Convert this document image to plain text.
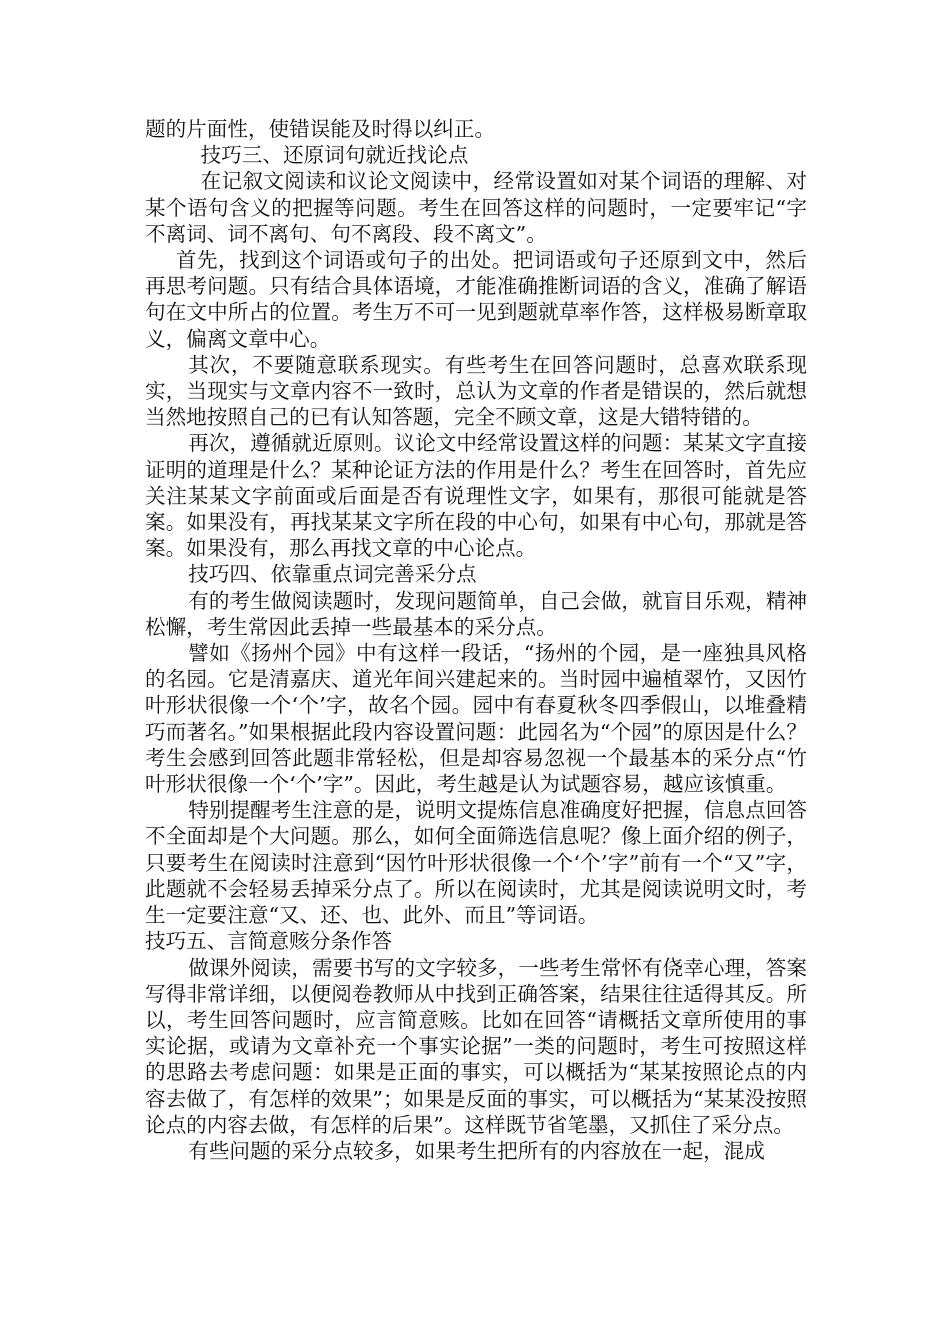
题的片面性，使错误能及时得以纠正。

技巧三、还原词句就近找论点

在记叙文阅读和议论文阅读中，经常设置如对某个词语的理解、对某个语句含义的把握等问题。考生在回答这样的问题时，一定要牢记“字不离词、词不离句、句不离段、段不离文”。

首先，找到这个词语或句子的出处。把词语或句子还原到文中，然后再思考问题。只有结合具体语境，才能准确推断词语的含义，准确了解语句在文中所占的位置。考生万不可一见到题就草率作答，这样极易断章取义，偏离文章中心。

其次，不要随意联系现实。有些考生在回答问题时，总喜欢联系现实，当现实与文章内容不一致时，总认为文章的作者是错误的，然后就想当然地按照自己的已有认知答题，完全不顾文章，这是大错特错的。

再次，遵循就近原则。议论文中经常设置这样的问题：某某文字直接证明的道理是什么？某种论证方法的作用是什么？考生在回答时，首先应关注某某文字前面或后面是否有说理性文字，如果有，那很可能就是答案。如果没有，再找某某文字所在段的中心句，如果有中心句，那就是答案。如果没有，那么再找文章的中心论点。

技巧四、依靠重点词完善采分点

有的考生做阅读题时，发现问题简单，自己会做，就盲目乐观，精神松懈，考生常因此丢掉一些最基本的采分点。

譬如《扬州个园》中有这样一段话，“扬州的个园，是一座独具风格的名园。它是清嘉庆、道光年间兴建起来的。当时园中遍植翠竹，又因竹叶形状很像一个‘个’字，故名个园。园中有春夏秋冬四季假山，以堆叠精巧而著名。”如果根据此段内容设置问题：此园名为“个园”的原因是什么？考生会感到回答此题非常轻松，但是却容易忽视一个最基本的采分点“竹叶形状很像一个‘个’字”。因此，考生越是认为试题容易，越应该慎重。

特别提醒考生注意的是，说明文提炼信息准确度好把握，信息点回答不全面却是个大问题。那么，如何全面筛选信息呢？像上面介绍的例子，只要考生在阅读时注意到“因竹叶形状很像一个‘个’字”前有一个“又”字，此题就不会轻易丢掉采分点了。所以在阅读时，尤其是阅读说明文时，考生一定要注意“又、还、也、此外、而且”等词语。

技巧五、言简意赅分条作答

做课外阅读，需要书写的文字较多，一些考生常怀有侥幸心理，答案写得非常详细，以便阅卷教师从中找到正确答案，结果往往适得其反。所以，考生回答问题时，应言简意赅。比如在回答“请概括文章所使用的事实论据，或请为文章补充一个事实论据”一类的问题时，考生可按照这样的思路去考虑问题：如果是正面的事实，可以概括为“某某按照论点的内容去做了，有怎样的效果”；如果是反面的事实，可以概括为“某某没按照论点的内容去做，有怎样的后果”。这样既节省笔墨，又抓住了采分点。

有些问题的采分点较多，如果考生把所有的内容放在一起，混成
